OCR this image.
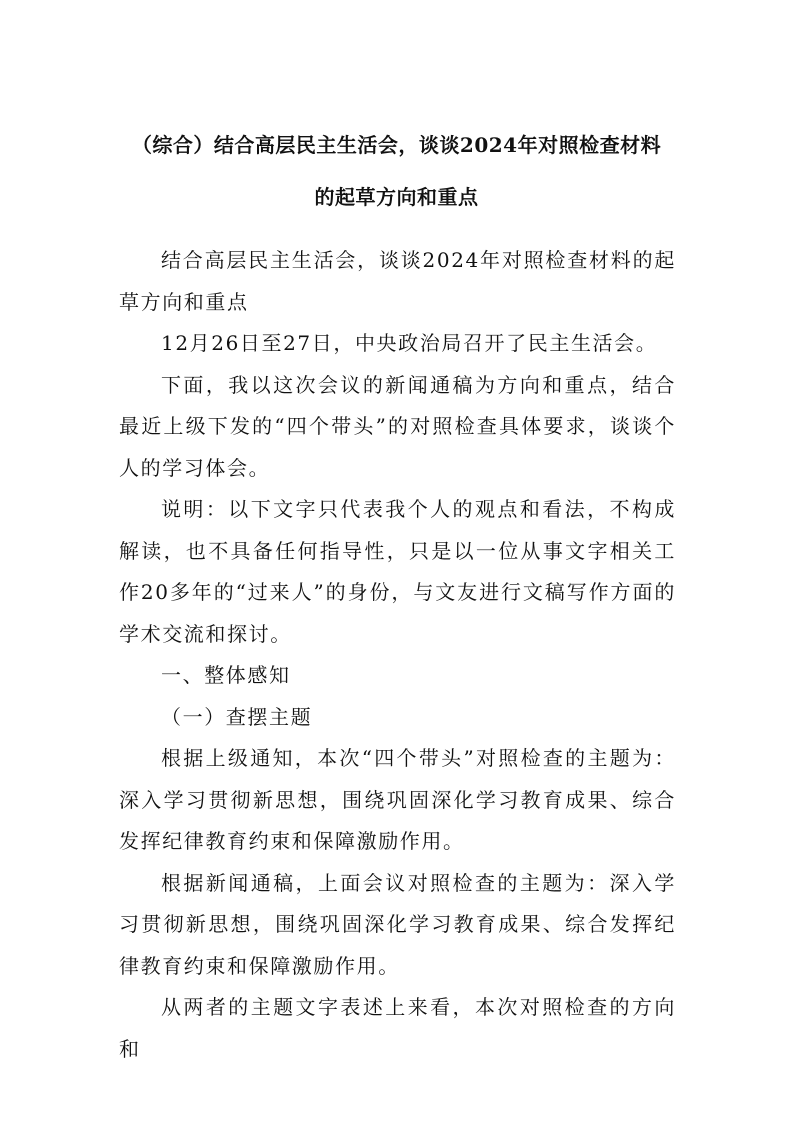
（综合）结合高层民主生活会，谈谈2024年对照检查材料
的起草方向和重点

结合高层民主生活会，谈谈2024年对照检查材料的起草方向和重点

12月26日至27日，中央政治局召开了民主生活会。

下面，我以这次会议的新闻通稿为方向和重点，结合最近上级下发的“四个带头”的对照检查具体要求，谈谈个人的学习体会。

说明：以下文字只代表我个人的观点和看法，不构成解读，也不具备任何指导性，只是以一位从事文字相关工作20多年的“过来人”的身份，与文友进行文稿写作方面的学术交流和探讨。

一、整体感知

（一）查摆主题

根据上级通知，本次“四个带头”对照检查的主题为：深入学习贯彻新思想，围绕巩固深化学习教育成果、综合发挥纪律教育约束和保障激励作用。

根据新闻通稿，上面会议对照检查的主题为：深入学习贯彻新思想，围绕巩固深化学习教育成果、综合发挥纪律教育约束和保障激励作用。

从两者的主题文字表述上来看，本次对照检查的方向和
